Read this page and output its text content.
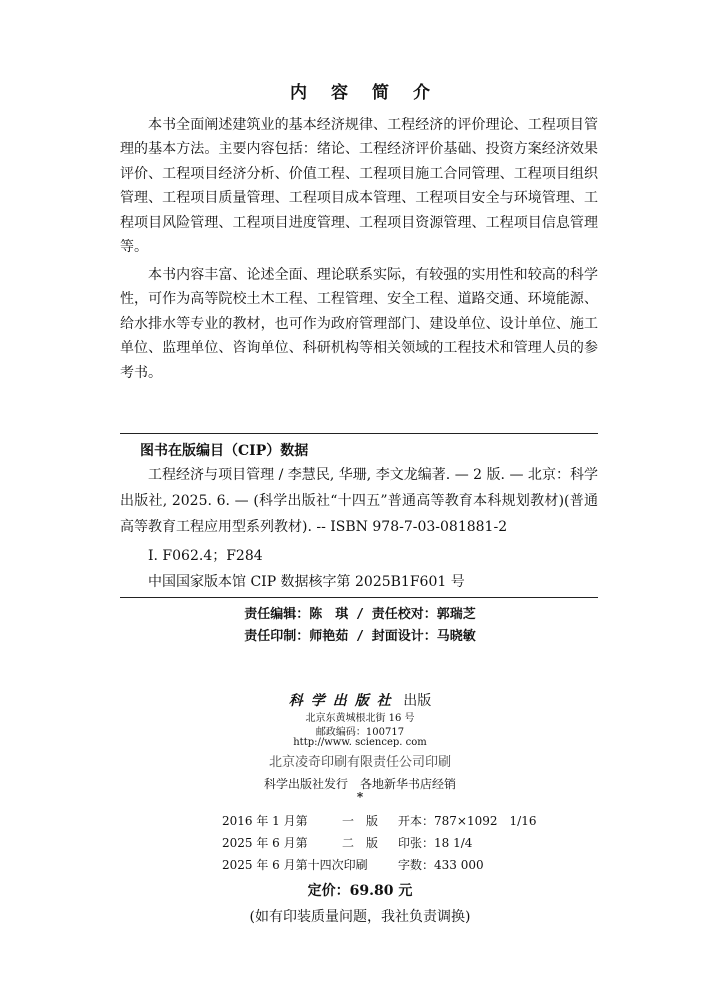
内容简介
本书全面阐述建筑业的基本经济规律、工程经济的评价理论、工程项目管理的基本方法。主要内容包括：绪论、工程经济评价基础、投资方案经济效果评价、工程项目经济分析、价值工程、工程项目施工合同管理、工程项目组织管理、工程项目质量管理、工程项目成本管理、工程项目安全与环境管理、工程项目风险管理、工程项目进度管理、工程项目资源管理、工程项目信息管理等。
本书内容丰富、论述全面、理论联系实际，有较强的实用性和较高的科学性，可作为高等院校土木工程、工程管理、安全工程、道路交通、环境能源、给水排水等专业的教材，也可作为政府管理部门、建设单位、设计单位、施工单位、监理单位、咨询单位、科研机构等相关领域的工程技术和管理人员的参考书。
图书在版编目（CIP）数据
工程经济与项目管理 / 李慧民, 华珊, 李文龙编著. — 2 版. — 北京：科学出版社, 2025. 6. — (科学出版社“十四五”普通高等教育本科规划教材)(普通高等教育工程应用型系列教材). -- ISBN 978-7-03-081881-2
Ⅰ. F062.4；F284
中国国家版本馆 CIP 数据核字第 2025B1F601 号
责任编辑：陈　琪 / 责任校对：郭瑞芝
责任印制：师艳茹 / 封面设计：马晓敏
科学出版社 出版
北京东黄城根北街 16 号
邮政编码：100717
http://www. sciencep. com
北京凌奇印刷有限责任公司印刷
科学出版社发行　各地新华书店经销
*
2016 年 1 月第	一　版 开本：787×1092　1/16
2025 年 6 月第	二　版 印张：18 1/4
2025 年 6 月第十四次印刷	字数：433 000
定价：69.80 元
(如有印装质量问题，我社负责调换)
